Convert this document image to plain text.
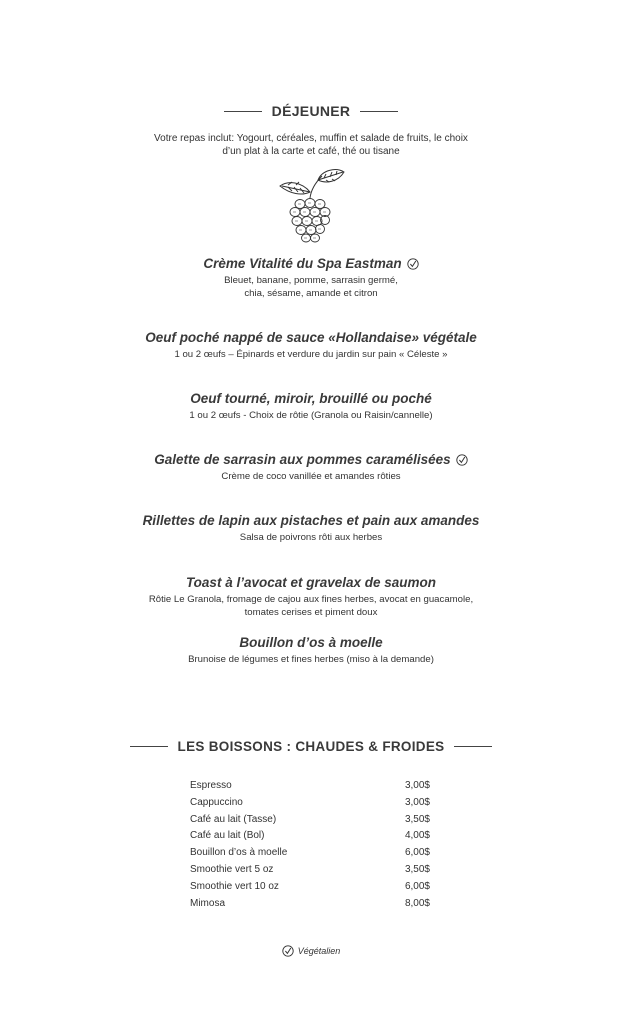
DÉJEUNER
Votre repas inclut: Yogourt, céréales, muffin et salade de fruits, le choix
d’un plat à la carte et café, thé ou tisane
Crème Vitalité du Spa Eastman
Bleuet, banane, pomme, sarrasin germé,
chia, sésame, amande et citron
Oeuf poché nappé de sauce «Hollandaise» végétale
1 ou 2 œufs – Épinards et verdure du jardin sur pain « Céleste »
Oeuf tourné, miroir, brouillé ou poché
1 ou 2 œufs - Choix de rôtie (Granola ou Raisin/cannelle)
Galette de sarrasin aux pommes caramélisées
Crème de coco vanillée et amandes rôties
Rillettes de lapin aux pistaches et pain aux amandes
Salsa de poivrons rôti aux herbes
Toast à l’avocat et gravelax de saumon
Rôtie Le Granola, fromage de cajou aux fines herbes, avocat en guacamole,
tomates cerises et piment doux
Bouillon d’os à moelle
Brunoise de légumes et fines herbes (miso à la demande)
LES BOISSONS : CHAUDES & FROIDES
Espresso	3,00$
Cappuccino	3,00$
Café au lait (Tasse)	3,50$
Café au lait (Bol)	4,00$
Bouillon d’os à moelle	6,00$
Smoothie vert 5 oz	3,50$
Smoothie vert 10 oz	6,00$
Mimosa	8,00$
Végétalien
